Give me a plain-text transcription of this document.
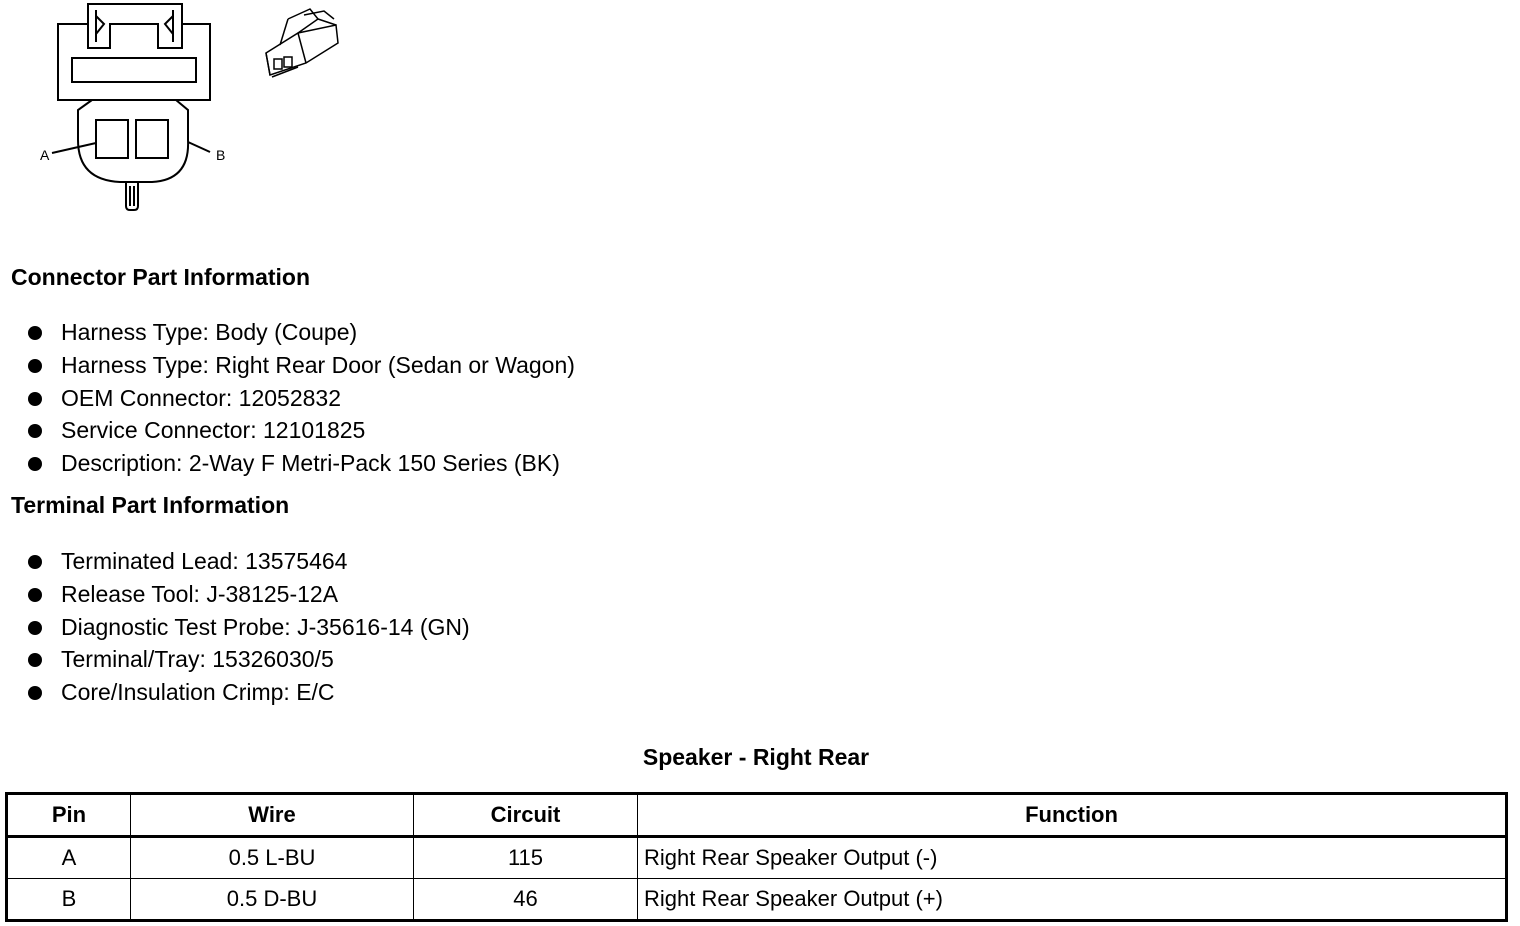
A	B
Connector Part Information
Harness Type: Body (Coupe)
Harness Type: Right Rear Door (Sedan or Wagon)
OEM Connector: 12052832
Service Connector: 12101825
Description: 2-Way F Metri-Pack 150 Series (BK)
Terminal Part Information
Terminated Lead: 13575464
Release Tool: J-38125-12A
Diagnostic Test Probe: J-35616-14 (GN)
Terminal/Tray: 15326030/5
Core/Insulation Crimp: E/C
Speaker - Right Rear
Pin	Wire	Circuit	Function
A	0.5 L-BU	115	Right Rear Speaker Output (-)
B	0.5 D-BU	46	Right Rear Speaker Output (+)
